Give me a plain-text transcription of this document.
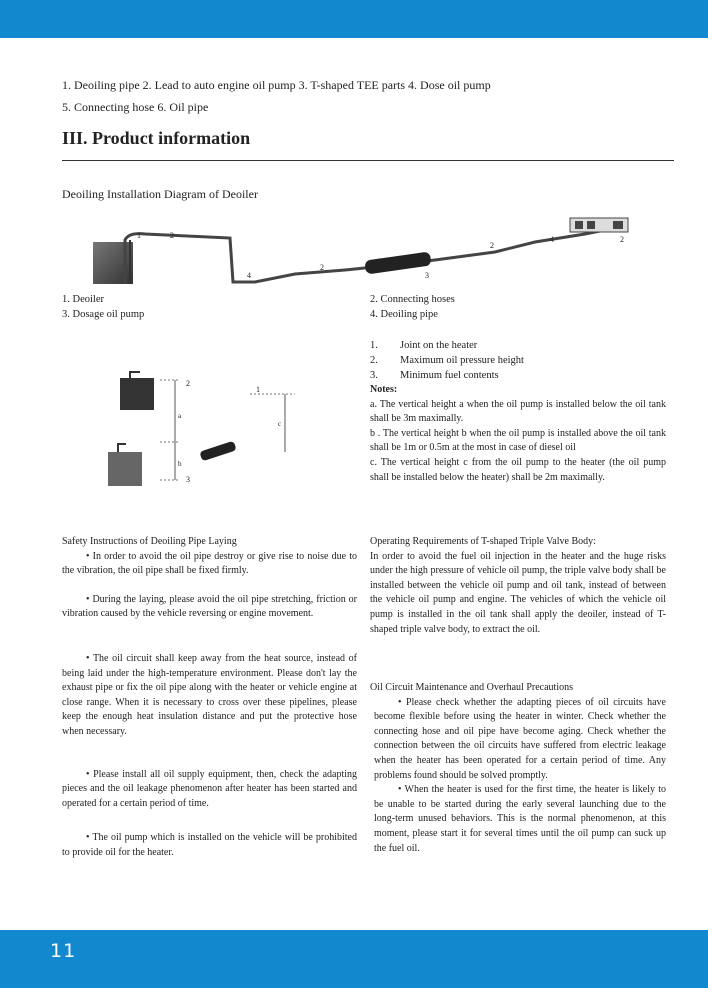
1. Deoiling pipe 2. Lead to auto engine oil pump 3. T-shaped TEE parts 4. Dose oil pump
5. Connecting hose 6. Oil pipe
III. Product information
Deoiling Installation Diagram of Deoiler
1	2
4
2
3
2
4	2
1. Deoiler
3. Dosage oil pump
2. Connecting hoses
4. Deoiling pipe
2
a
b
3
1
c
1. Joint on the heater
2. Maximum oil pressure height
3. Minimum fuel contents

Notes:

a. The vertical height a when the oil pump is installed below the oil tank shall be 3m maximally.

b . The vertical height b when the oil pump is installed above the oil tank shall be 1m or 0.5m at the most in case of diesel oil

c. The vertical height c from the oil pump to the heater (the oil pump shall be installed below the heater) shall be 2m maximally.

Safety Instructions of Deoiling Pipe Laying

• In order to avoid the oil pipe destroy or give rise to noise due to the vibration, the oil pipe shall be fixed firmly.

• During the laying, please avoid the oil pipe stretching, friction or vibration caused by the vehicle reversing or engine movement.

• The oil circuit shall keep away from the heat source, instead of being laid under the high-temperature environment. Please don't lay the exhaust pipe or fix the oil pipe along with the heater or vehicle engine at close range. When it is necessary to cross over these pipelines, please keep the enough heat insulation distance and put the protective hose when necessary.

• Please install all oil supply equipment, then, check the adapting pieces and the oil leakage phenomenon after heater has been started and operated for a certain period of time.

• The oil pump which is installed on the vehicle will be prohibited to provide oil for the heater.

Operating Requirements of T-shaped Triple Valve Body:

In order to avoid the fuel oil injection in the heater and the huge risks under the high pressure of vehicle oil pump, the triple valve body shall be installed between the vehicle oil pump and oil tank, instead of between the vehicle oil pump and engine. The vehicles of which the vehicle oil pump is installed in the oil tank shall apply the deoiler, instead of T-shaped triple valve body, to extract the oil.

Oil Circuit Maintenance and Overhaul Precautions

• Please check whether the adapting pieces of oil circuits have become flexible before using the heater in winter. Check whether the connecting hose and oil pipe have become aging. Check whether the connection between the oil circuits have suffered from electric leakage when the heater has been operated for a certain period of time. Any problems found should be solved promptly.

• When the heater is used for the first time, the heater is likely to be unable to be started during the early several launching due to the long-term unused behaviors. This is the normal phenomenon, at this moment, please start it for several times until the oil pump can suck up the fuel oil.

11
